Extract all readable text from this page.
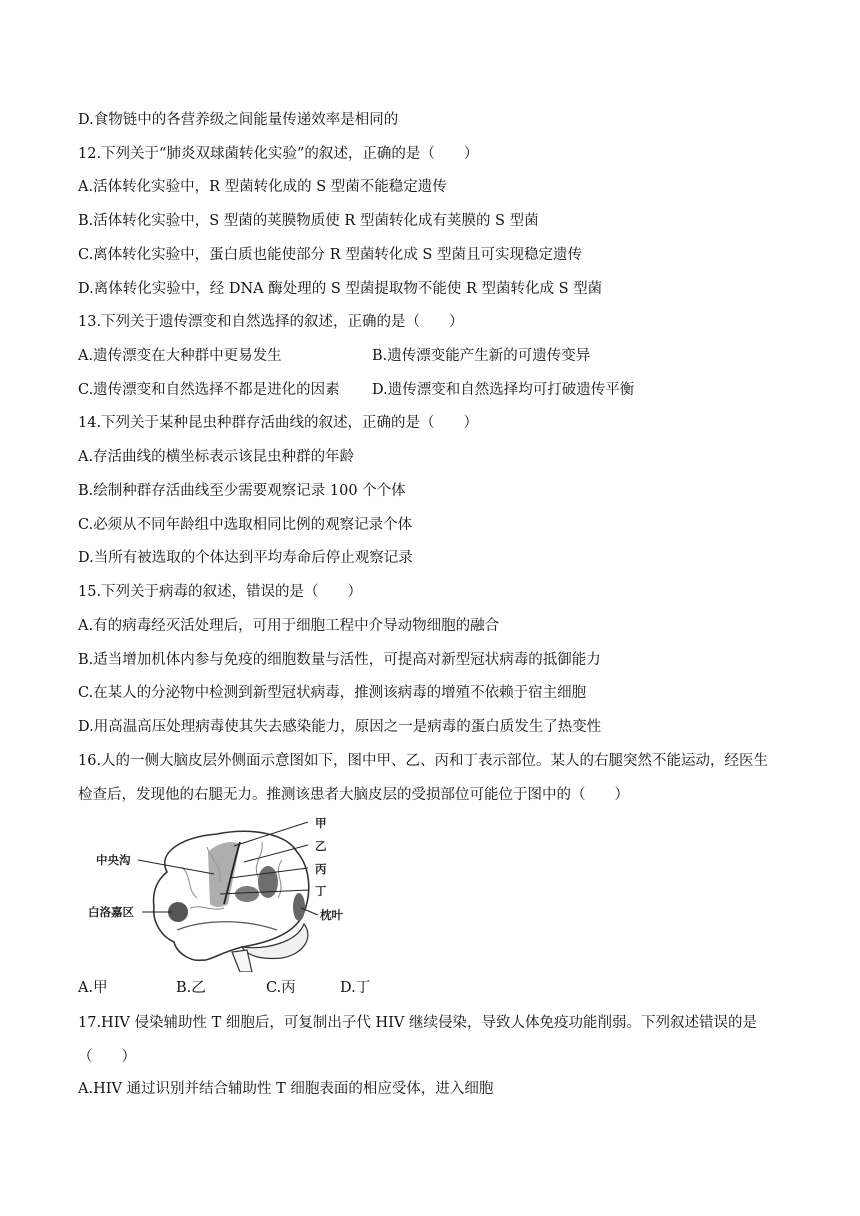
D.食物链中的各营养级之间能量传递效率是相同的
12.下列关于“肺炎双球菌转化实验”的叙述，正确的是（　　）
A.活体转化实验中，R 型菌转化成的 S 型菌不能稳定遗传
B.活体转化实验中，S 型菌的荚膜物质使 R 型菌转化成有荚膜的 S 型菌
C.离体转化实验中，蛋白质也能使部分 R 型菌转化成 S 型菌且可实现稳定遗传
D.离体转化实验中，经 DNA 酶处理的 S 型菌提取物不能使 R 型菌转化成 S 型菌
13.下列关于遗传漂变和自然选择的叙述，正确的是（　　）
A.遗传漂变在大种群中更易发生	B.遗传漂变能产生新的可遗传变异
C.遗传漂变和自然选择不都是进化的因素 D.遗传漂变和自然选择均可打破遗传平衡
14.下列关于某种昆虫种群存活曲线的叙述，正确的是（　　）
A.存活曲线的横坐标表示该昆虫种群的年龄
B.绘制种群存活曲线至少需要观察记录 100 个个体
C.必须从不同年龄组中选取相同比例的观察记录个体
D.当所有被选取的个体达到平均寿命后停止观察记录
15.下列关于病毒的叙述，错误的是（　　）
A.有的病毒经灭活处理后，可用于细胞工程中介导动物细胞的融合
B.适当增加机体内参与免疫的细胞数量与活性，可提高对新型冠状病毒的抵御能力
C.在某人的分泌物中检测到新型冠状病毒，推测该病毒的增殖不依赖于宿主细胞
D.用高温高压处理病毒使其失去感染能力，原因之一是病毒的蛋白质发生了热变性
16.人的一侧大脑皮层外侧面示意图如下，图中甲、乙、丙和丁表示部位。某人的右腿突然不能运动，经医生检查后，发现他的右腿无力。推测该患者大脑皮层的受损部位可能位于图中的（　　）
甲
乙
丙
丁
中央沟
白洛嘉区	枕叶
A.甲	B.乙	C.丙	D.丁
17.HIV 侵染辅助性 T 细胞后，可复制出子代 HIV 继续侵染，导致人体免疫功能削弱。下列叙述错误的是（　　）
A.HIV 通过识别并结合辅助性 T 细胞表面的相应受体，进入细胞
